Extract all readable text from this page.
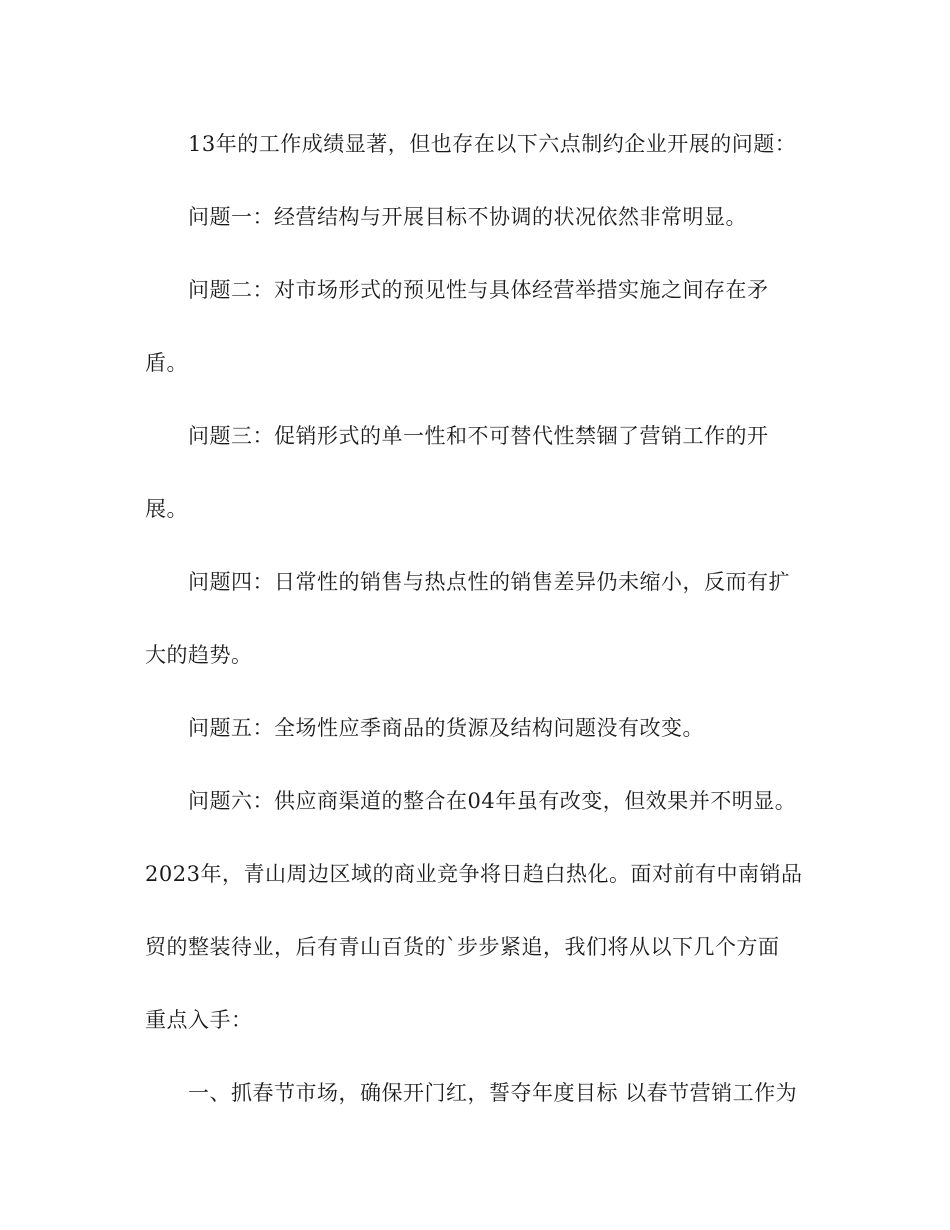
13年的工作成绩显著，但也存在以下六点制约企业开展的问题：
问题一：经营结构与开展目标不协调的状况依然非常明显。
问题二：对市场形式的预见性与具体经营举措实施之间存在矛
盾。
问题三：促销形式的单一性和不可替代性禁锢了营销工作的开
展。
问题四：日常性的销售与热点性的销售差异仍未缩小，反而有扩
大的趋势。
问题五：全场性应季商品的货源及结构问题没有改变。
问题六：供应商渠道的整合在04年虽有改变，但效果并不明显。
2023年，青山周边区域的商业竞争将日趋白热化。面对前有中南销品
贸的整装待业，后有青山百货的`步步紧追，我们将从以下几个方面
重点入手：
一、抓春节市场，确保开门红，誓夺年度目标 以春节营销工作为
